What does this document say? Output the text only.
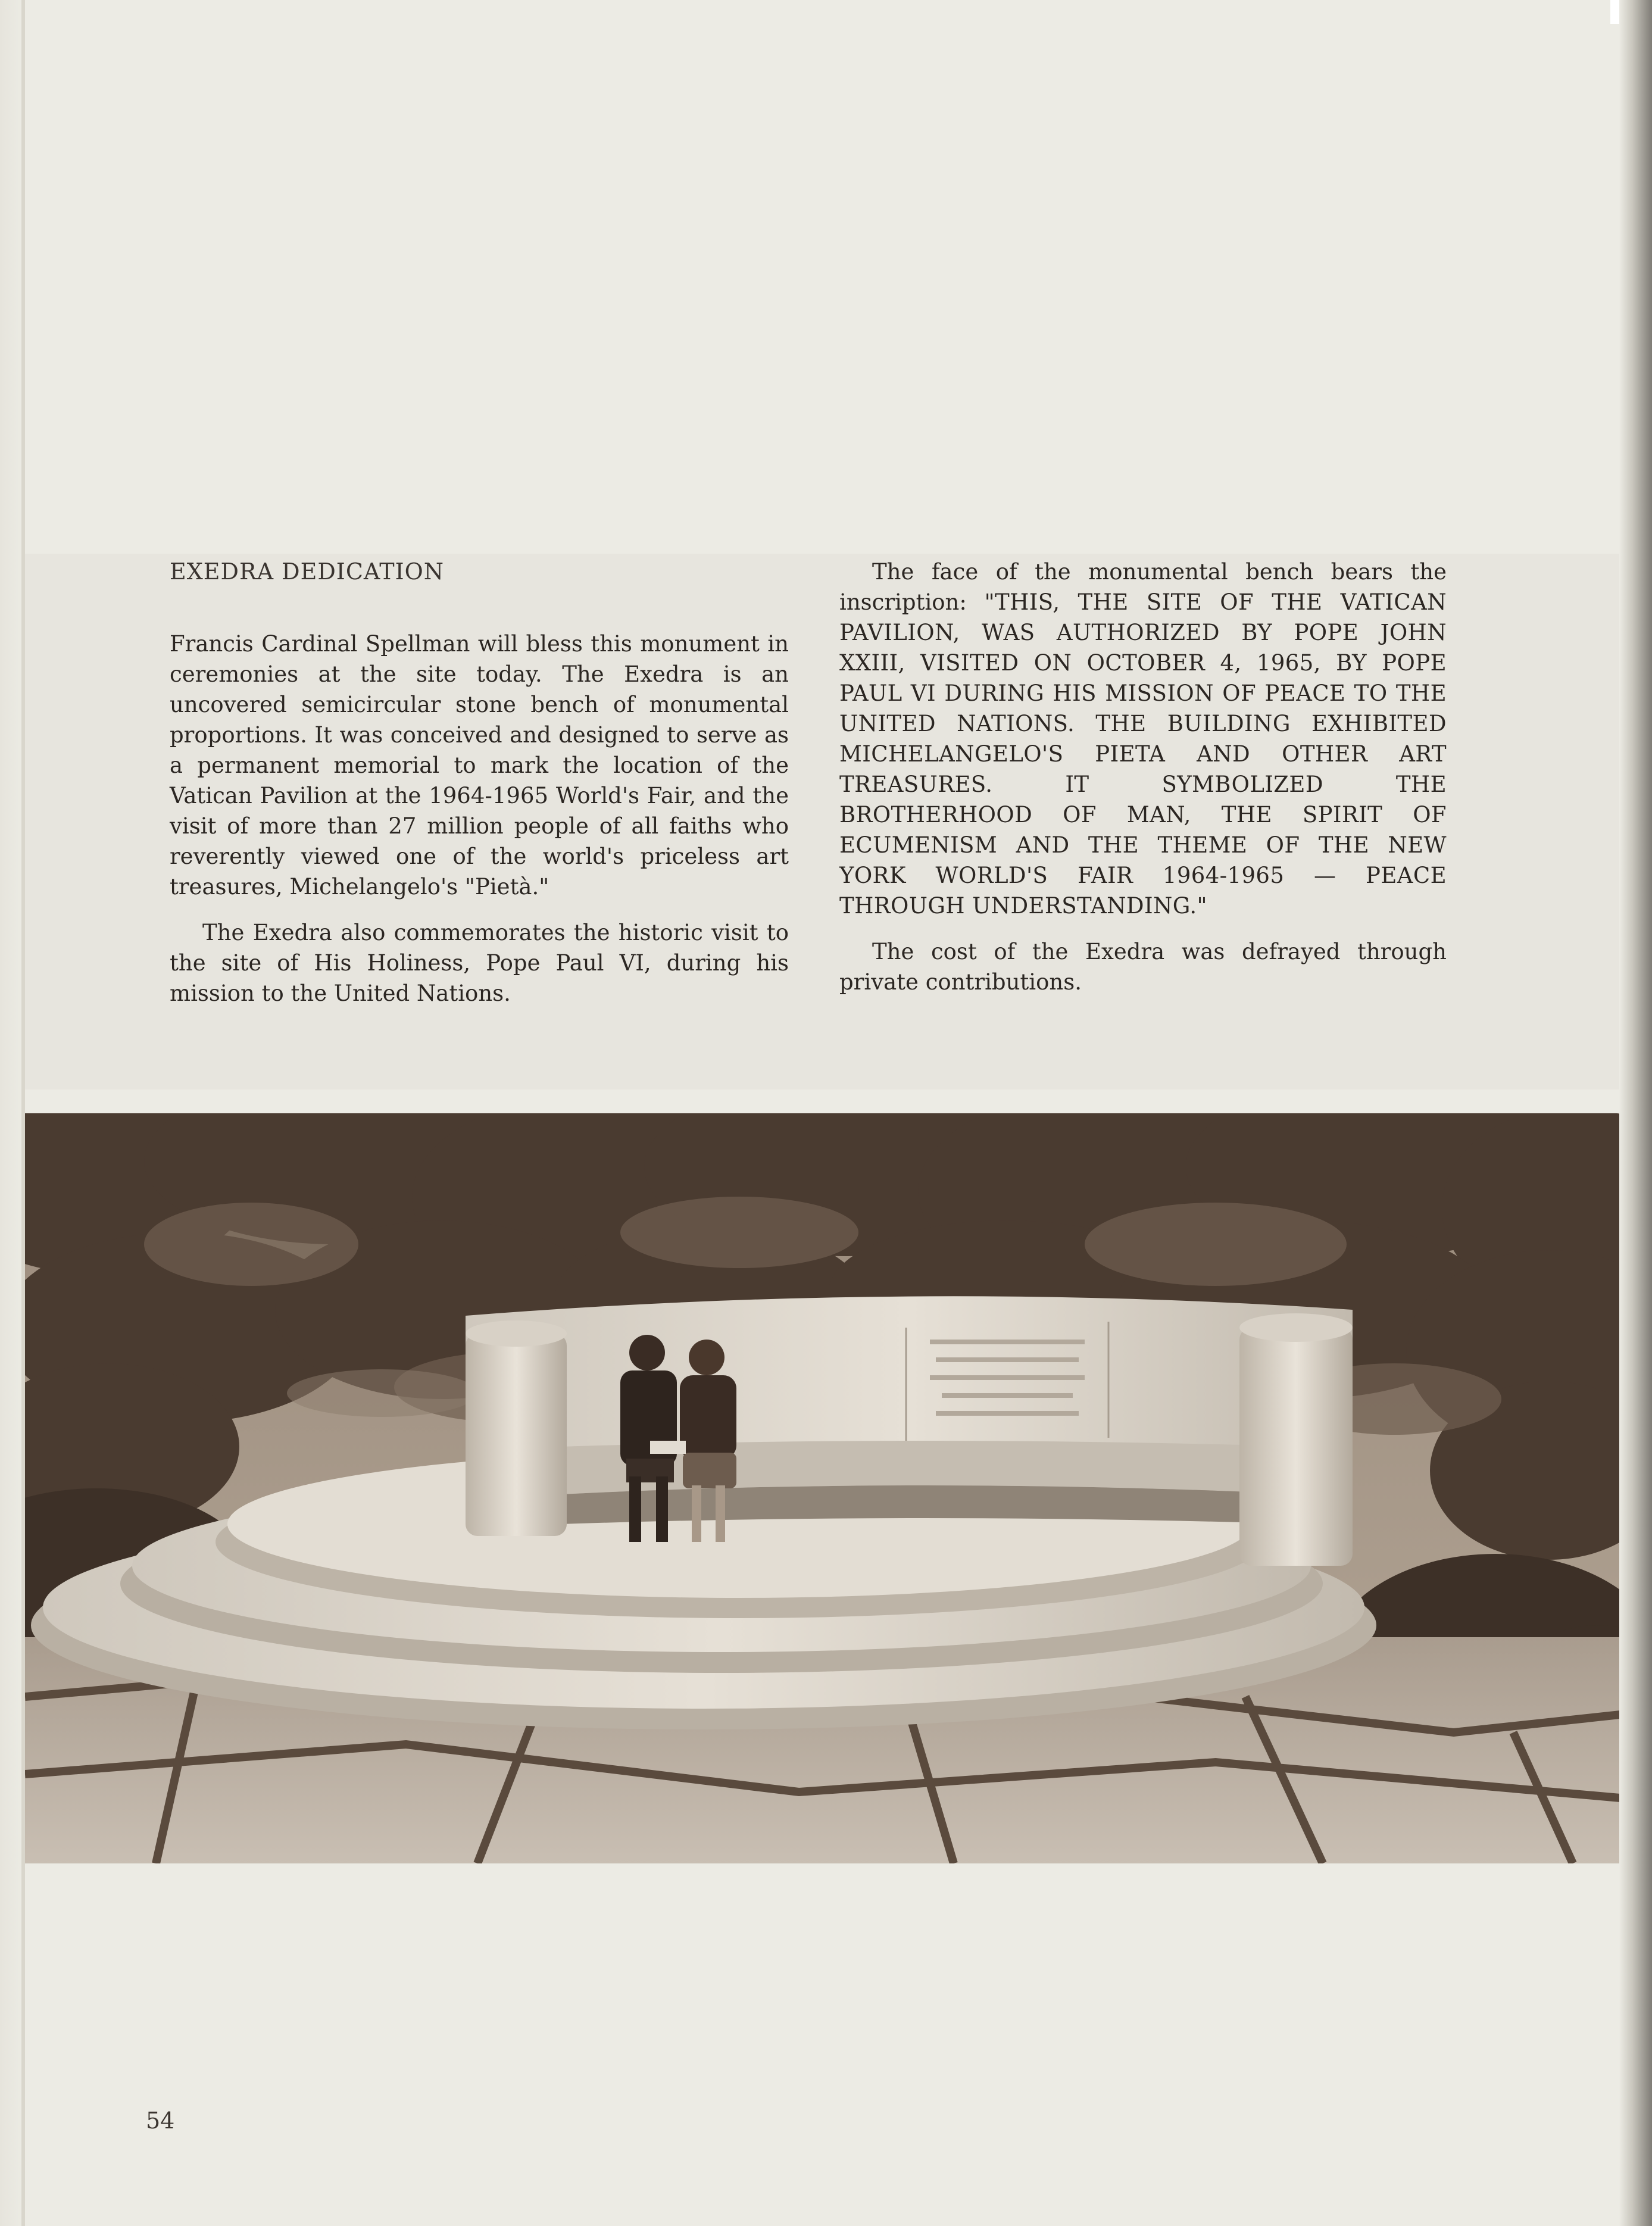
EXEDRA DEDICATION

Francis Cardinal Spellman will bless this monument in ceremonies at the site today. The Exedra is an uncovered semicircular stone bench of monumental proportions. It was conceived and designed to serve as a permanent memorial to mark the location of the Vatican Pavilion at the 1964-1965 World's Fair, and the visit of more than 27 million people of all faiths who reverently viewed one of the world's priceless art treasures, Michelangelo's "Pietà."

The Exedra also commemorates the historic visit to the site of His Holiness, Pope Paul VI, during his mission to the United Nations.

The face of the monumental bench bears the inscription: "THIS, THE SITE OF THE VATICAN PAVILION, WAS AUTHORIZED BY POPE JOHN XXIII, VISITED ON OCTOBER 4, 1965, BY POPE PAUL VI DURING HIS MISSION OF PEACE TO THE UNITED NATIONS. THE BUILDING EXHIBITED MICHELANGELO'S PIETA AND OTHER ART TREASURES. IT SYMBOLIZED THE BROTHERHOOD OF MAN, THE SPIRIT OF ECUMENISM AND THE THEME OF THE NEW YORK WORLD'S FAIR 1964-1965 — PEACE THROUGH UNDERSTANDING."

The cost of the Exedra was defrayed through private contributions.

54
